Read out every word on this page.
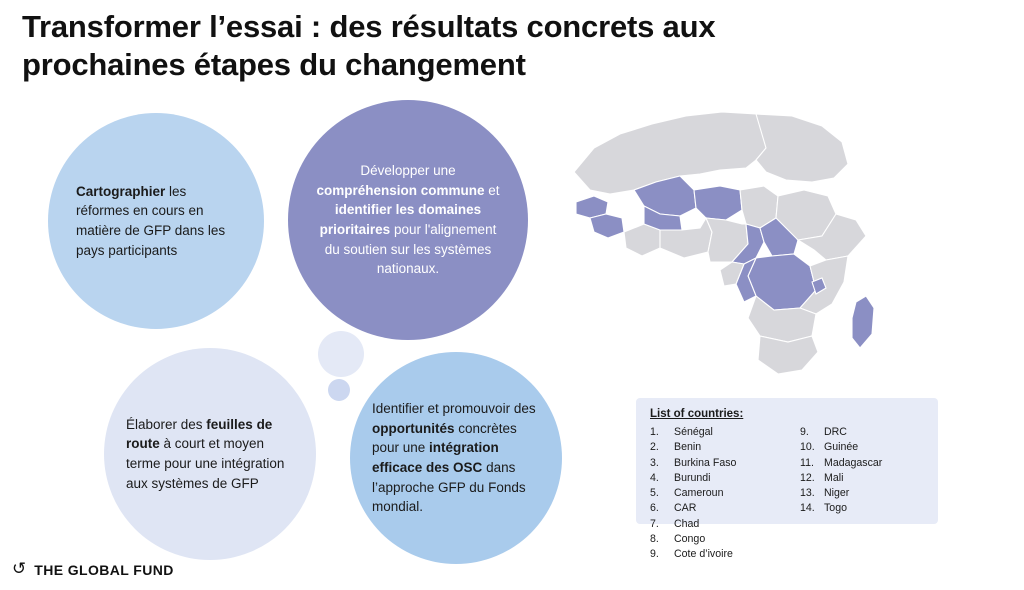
Transformer l’essai : des résultats concrets aux prochaines étapes du changement
Cartographier les réformes en cours en matière de GFP dans les pays participants
Développer une compréhension commune et identifier les domaines prioritaires pour l'alignement du soutien sur les systèmes nationaux.
Élaborer des feuilles de route à court et moyen terme pour une intégration aux systèmes de GFP
Identifier et promouvoir des opportunités concrètes pour une intégration efficace des OSC dans l’approche GFP du Fonds mondial.
List of countries:
1.	Sénégal
2.	Benin
3.	Burkina Faso
4.	Burundi
5.	Cameroun
6.	CAR
7.	Chad
8.	Congo
9.	Cote d’ivoire
9.	DRC
10. Guinée
11. Madagascar
12. Mali
13. Niger
14. Togo
↺ THE GLOBAL FUND
